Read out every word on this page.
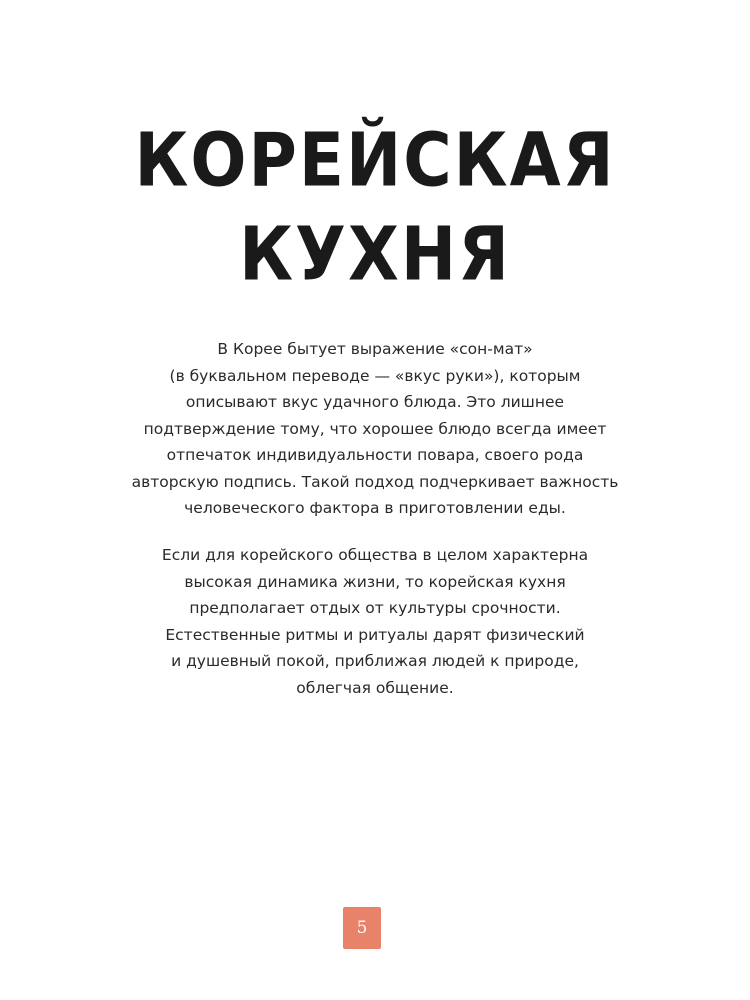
КОРЕЙСКАЯ
КУХНЯ

В Корее бытует выражение «сон-мат»
(в буквальном переводе — «вкус руки»), которым
описывают вкус удачного блюда. Это лишнее
подтверждение тому, что хорошее блюдо всегда имеет
отпечаток индивидуальности повара, своего рода
авторскую подпись. Такой подход подчеркивает важность
человеческого фактора в приготовлении еды.

Если для корейского общества в целом характерна
высокая динамика жизни, то корейская кухня
предполагает отдых от культуры срочности.
Естественные ритмы и ритуалы дарят физический
и душевный покой, приближая людей к природе,
облегчая общение.

5
